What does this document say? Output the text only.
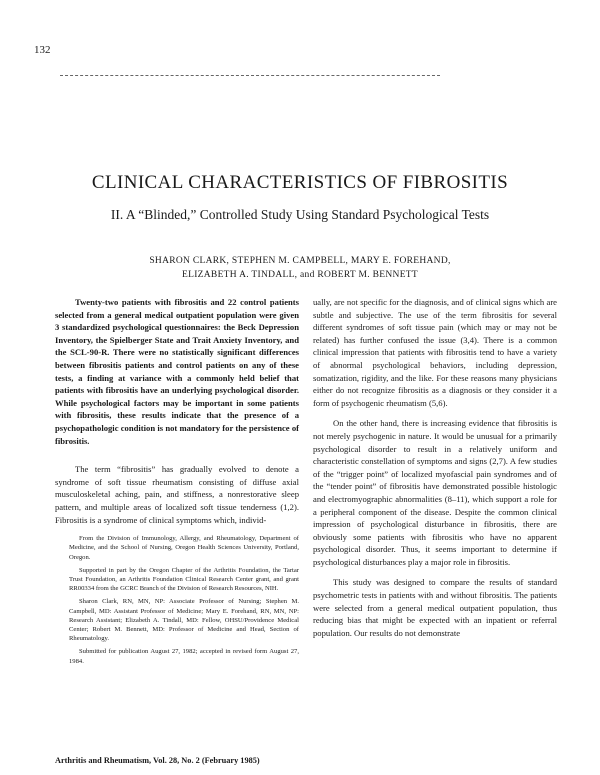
132
CLINICAL CHARACTERISTICS OF FIBROSITIS
II. A “Blinded,” Controlled Study Using Standard Psychological Tests
SHARON CLARK, STEPHEN M. CAMPBELL, MARY E. FOREHAND,
ELIZABETH A. TINDALL, and ROBERT M. BENNETT

Twenty-two patients with fibrositis and 22 control patients selected from a general medical outpatient population were given 3 standardized psychological questionnaires: the Beck Depression Inventory, the Spielberger State and Trait Anxiety Inventory, and the SCL-90-R. There were no statistically significant differences between fibrositis patients and control patients on any of these tests, a finding at variance with a commonly held belief that patients with fibrositis have an underlying psychological disorder. While psychological factors may be important in some patients with fibrositis, these results indicate that the presence of a psychopathologic condition is not mandatory for the persistence of fibrositis.

The term “fibrositis” has gradually evolved to denote a syndrome of soft tissue rheumatism consisting of diffuse axial musculoskeletal aching, pain, and stiffness, a nonrestorative sleep pattern, and multiple areas of localized soft tissue tenderness (1,2). Fibrositis is a syndrome of clinical symptoms which, individ-

From the Division of Immunology, Allergy, and Rheumatology, Department of Medicine, and the School of Nursing, Oregon Health Sciences University, Portland, Oregon.

Supported in part by the Oregon Chapter of the Arthritis Foundation, the Tartar Trust Foundation, an Arthritis Foundation Clinical Research Center grant, and grant RR00334 from the GCRC Branch of the Division of Research Resources, NIH.

Sharon Clark, RN, MN, NP: Associate Professor of Nursing; Stephen M. Campbell, MD: Assistant Professor of Medicine; Mary E. Forehand, RN, MN, NP: Research Assistant; Elizabeth A. Tindall, MD: Fellow, OHSU/Providence Medical Center; Robert M. Bennett, MD: Professor of Medicine and Head, Section of Rheumatology.

Submitted for publication August 27, 1982; accepted in revised form August 27, 1984.

ually, are not specific for the diagnosis, and of clinical signs which are subtle and subjective. The use of the term fibrositis for several different syndromes of soft tissue pain (which may or may not be related) has further confused the issue (3,4). There is a common clinical impression that patients with fibrositis tend to have a variety of abnormal psychological behaviors, including depression, somatization, rigidity, and the like. For these reasons many physicians either do not recognize fibrositis as a diagnosis or they consider it a form of psychogenic rheumatism (5,6).

On the other hand, there is increasing evidence that fibrositis is not merely psychogenic in nature. It would be unusual for a primarily psychological disorder to result in a relatively uniform and characteristic constellation of symptoms and signs (2,7). A few studies of the “trigger point” of localized myofascial pain syndromes and of the “tender point” of fibrositis have demonstrated possible histologic and electromyographic abnormalities (8–11), which support a role for a peripheral component of the disease. Despite the common clinical impression of psychological disturbance in fibrositis, there are obviously some patients with fibrositis who have no apparent psychological disorder. Thus, it seems important to determine if psychological disturbances play a major role in fibrositis.

This study was designed to compare the results of standard psychometric tests in patients with and without fibrositis. The patients were selected from a general medical outpatient population, thus reducing bias that might be expected with an inpatient or referral population. Our results do not demonstrate

Arthritis and Rheumatism, Vol. 28, No. 2 (February 1985)
